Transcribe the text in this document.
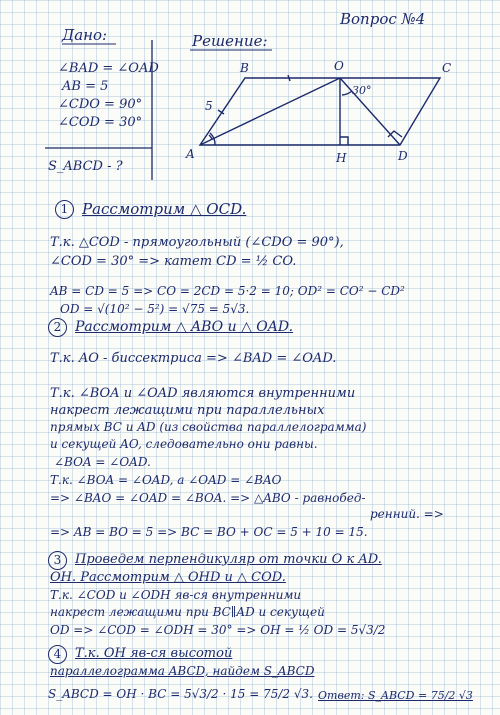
Вопрос №4
Дано:
∠BAD = ∠OAD
AB = 5
∠CDO = 90°
∠COD = 30°
S_ABCD - ?
Решение:
A
B	O	C
H	D
5
30°
1 Рассмотрим △ OCD.
Т.к. △COD - прямоугольный (∠CDO = 90°),
∠COD = 30° => катет CD = ½ CO.
AB = CD = 5 => CO = 2CD = 5·2 = 10; OD² = CO² − CD²
OD = √(10² − 5²) = √75 = 5√3.
2 Рассмотрим △ ABO и △ OAD.
Т.к. AO - биссектриса => ∠BAD = ∠OAD.
Т.к. ∠BOA и ∠OAD являются внутренними
накрест лежащими при параллельных
прямых BC и AD (из свойства параллелограмма)
и секущей AO, следовательно они равны.
∠BOA = ∠OAD.
Т.к. ∠BOA = ∠OAD, а ∠OAD = ∠BAO
=> ∠BAO = ∠OAD = ∠BOA. => △ABO - равнобед-
ренний. =>
=> AB = BO = 5 => BC = BO + OC = 5 + 10 = 15.
3	Проведем перпендикуляр от точки O к AD.
OH. Рассмотрим △ OHD и △ COD.
Т.к. ∠COD и ∠ODH яв-ся внутренними
накрест лежащими при BC∥AD и секущей
OD => ∠COD = ∠ODH = 30° => OH = ½ OD = 5√3/2
4	Т.к. OH яв-ся высотой
параллелограмма ABCD, найдем S_ABCD
S_ABCD = OH · BC = 5√3/2 · 15 = 75/2 √3. Ответ: S_ABCD = 75/2 √3
